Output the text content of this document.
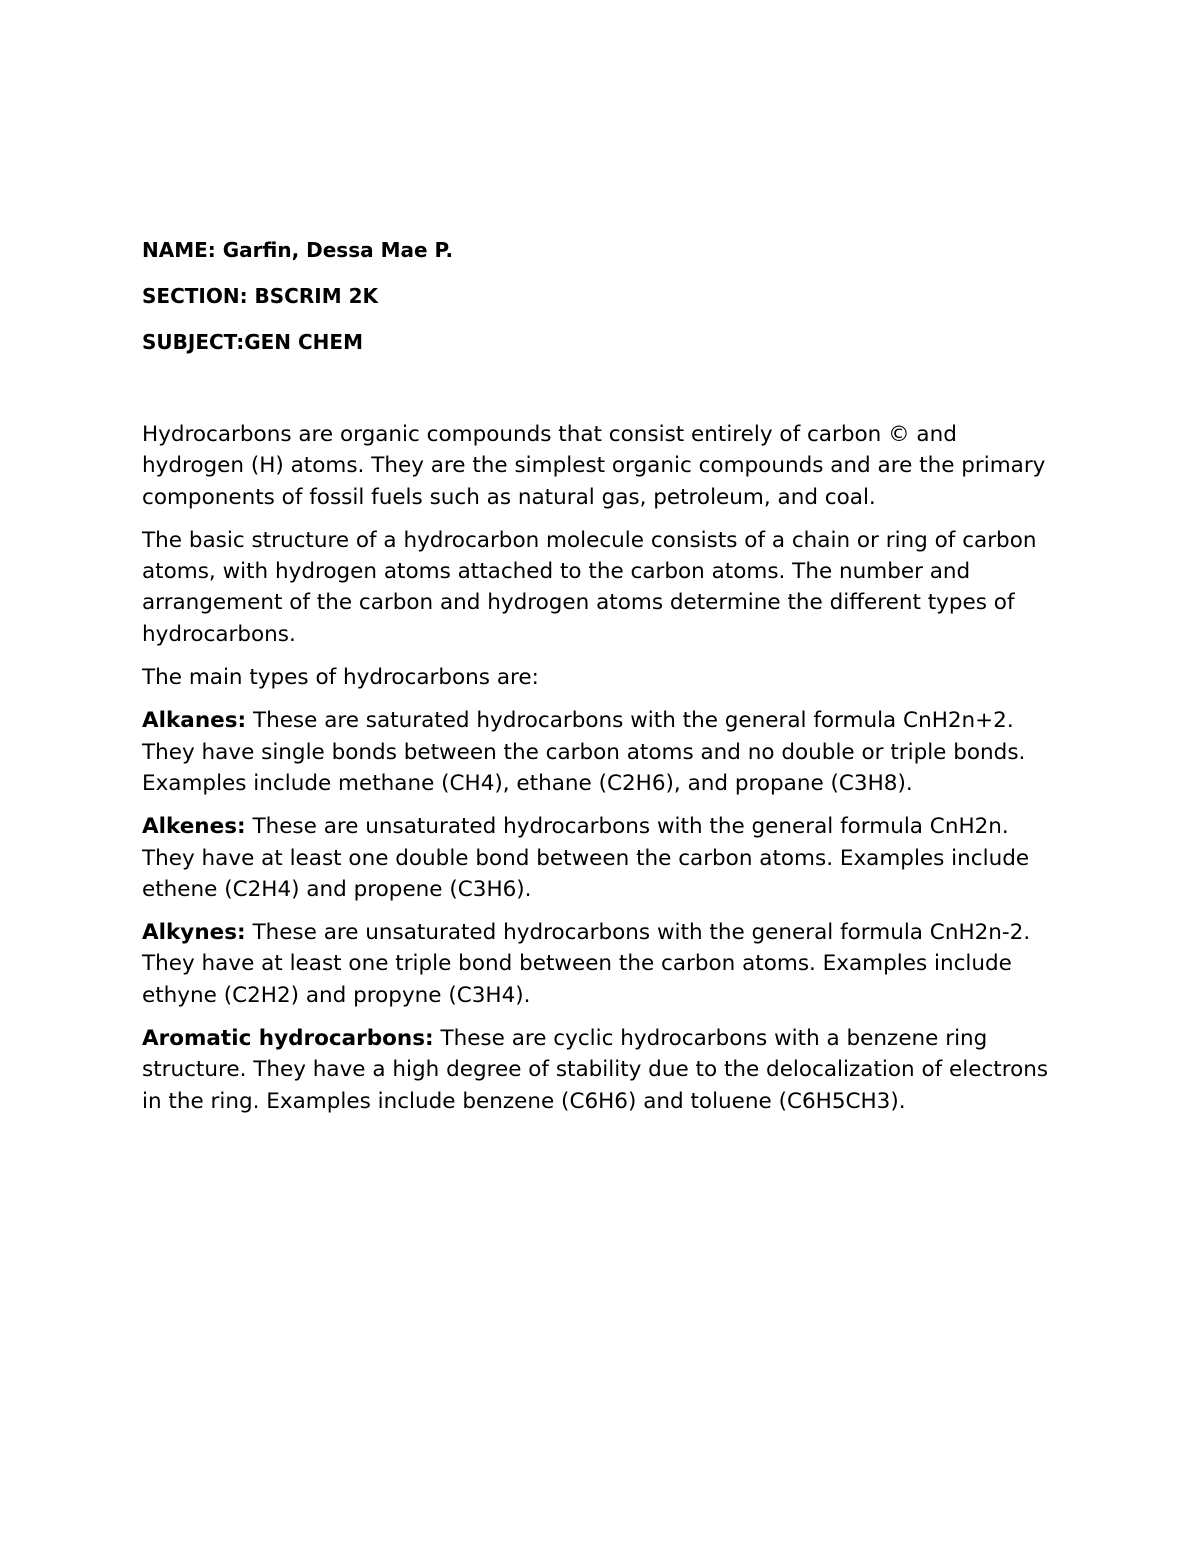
NAME: Garfin, Dessa Mae P.
SECTION: BSCRIM 2K
SUBJECT:GEN CHEM

Hydrocarbons are organic compounds that consist entirely of carbon © and hydrogen (H) atoms. They are the simplest organic compounds and are the primary components of fossil fuels such as natural gas, petroleum, and coal.

The basic structure of a hydrocarbon molecule consists of a chain or ring of carbon atoms, with hydrogen atoms attached to the carbon atoms. The number and arrangement of the carbon and hydrogen atoms determine the different types of hydrocarbons.

The main types of hydrocarbons are:

Alkanes: These are saturated hydrocarbons with the general formula CnH2n+2. They have single bonds between the carbon atoms and no double or triple bonds. Examples include methane (CH4), ethane (C2H6), and propane (C3H8).

Alkenes: These are unsaturated hydrocarbons with the general formula CnH2n. They have at least one double bond between the carbon atoms. Examples include ethene (C2H4) and propene (C3H6).

Alkynes: These are unsaturated hydrocarbons with the general formula CnH2n-2. They have at least one triple bond between the carbon atoms. Examples include ethyne (C2H2) and propyne (C3H4).

Aromatic hydrocarbons: These are cyclic hydrocarbons with a benzene ring structure. They have a high degree of stability due to the delocalization of electrons in the ring. Examples include benzene (C6H6) and toluene (C6H5CH3).
